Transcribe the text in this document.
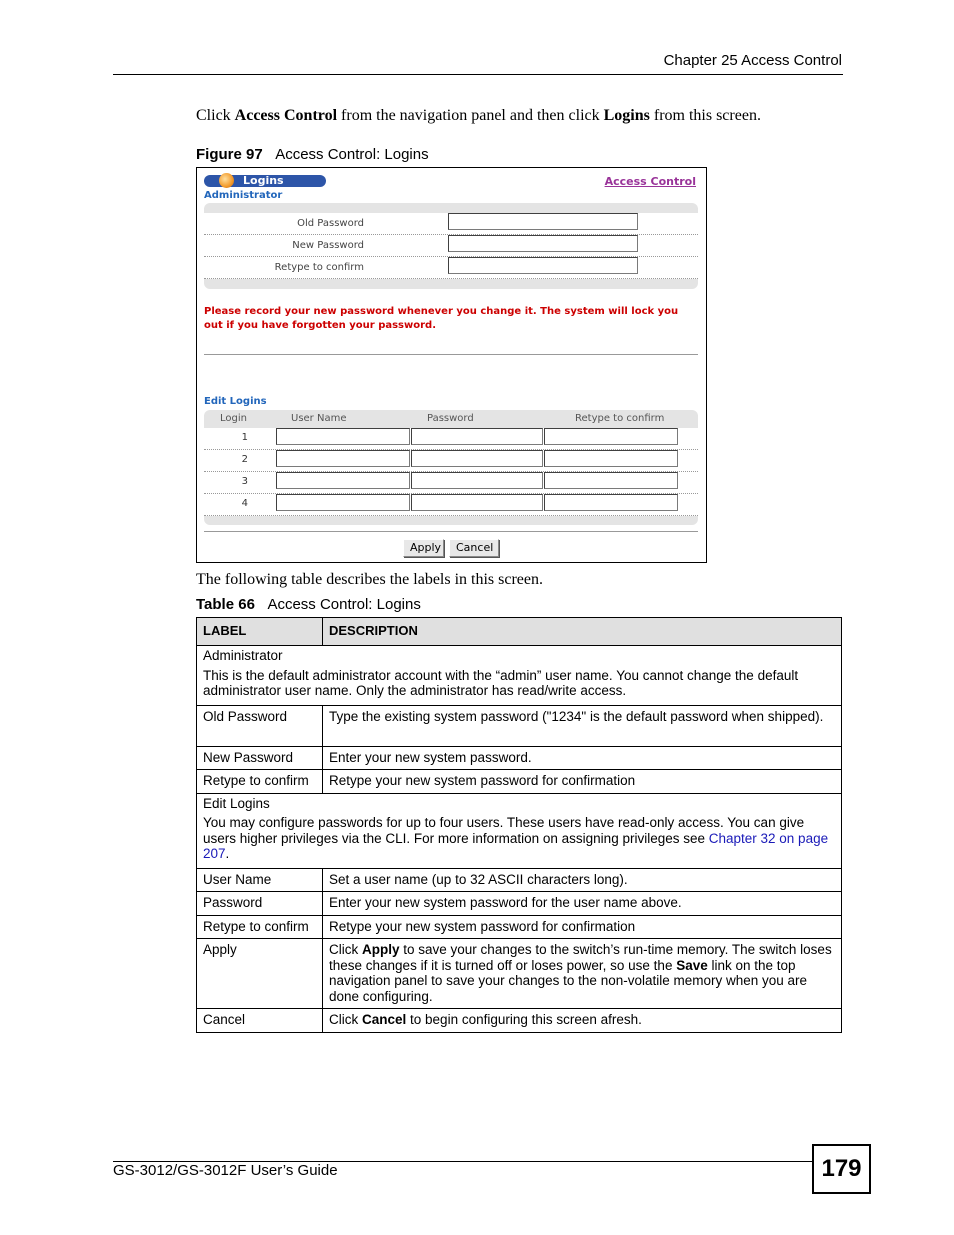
Chapter 25 Access Control
Click Access Control from the navigation panel and then click Logins from this screen.
Figure 97 Access Control: Logins
Logins	Access Control
Administrator
Old Password
New Password
Retype to confirm
Please record your new password whenever you change it. The system will lock you out if you have forgotten your password.
Edit Logins
Login	User Name	Password	Retype to confirm
1
2
3
4
Apply	Cancel
The following table describes the labels in this screen.
Table 66 Access Control: Logins
LABEL	DESCRIPTION

Administrator
This is the default administrator account with the “admin” user name. You cannot change the default administrator user name. Only the administrator has read/write access.	

Old Password	Type the existing system password ("1234" is the default password when shipped).
New Password	Enter your new system password.
Retype to confirm	Retype your new system password for confirmation

Edit Logins
You may configure passwords for up to four users. These users have read-only access. You can give users higher privileges via the CLI. For more information on assigning privileges see Chapter 32 on page 207.	

User Name	Set a user name (up to 32 ASCII characters long).
Password	Enter your new system password for the user name above.
Retype to confirm	Retype your new system password for confirmation
Apply	Click Apply to save your changes to the switch’s run-time memory. The switch loses these changes if it is turned off or loses power, so use the Save link on the top navigation panel to save your changes to the non-volatile memory when you are done configuring.
Cancel	Click Cancel to begin configuring this screen afresh.
GS-3012/GS-3012F User’s Guide	179
